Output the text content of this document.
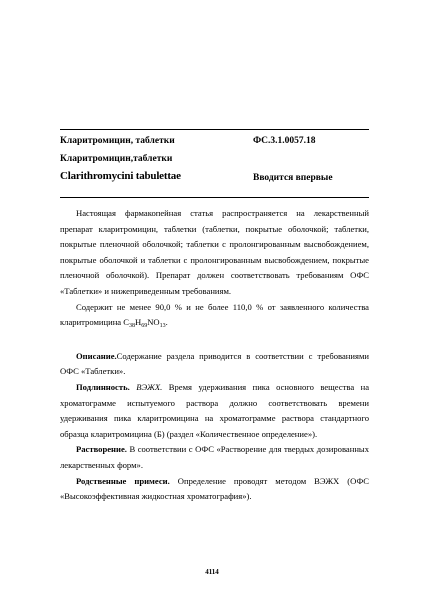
Кларитромицин, таблетки
Кларитромицин,таблетки
Clarithromycini tabulettae
ФС.3.1.0057.18
Вводится впервые

Настоящая фармакопейная статья распространяется на лекарственный препарат кларитромицин, таблетки (таблетки, покрытые оболочкой; таблетки, покрытые пленочной оболочкой; таблетки с пролонгированным высвобождением, покрытые оболочкой и таблетки с пролонгированным высвобождением, покрытые пленочной оболочкой). Препарат должен соответствовать требованиям ОФС «Таблетки» и нижеприведенным требованиям.

Содержит не менее 90,0 % и не более 110,0 % от заявленного количества кларитромицина $C_{38}H_{69}NO_{13}$.

Описание.Содержание раздела приводится в соответствии с требованиями ОФС «Таблетки».

Подлинность. ВЭЖХ. Время удерживания пика основного вещества на хроматограмме испытуемого раствора должно соответствовать времени удерживания пика кларитромицина на хроматограмме раствора стандартного образца кларитромицина (Б) (раздел «Количественное определение»).

Растворение. В соответствии с ОФС «Растворение для твердых дозированных лекарственных форм».

Родственные примеси. Определение проводят методом ВЭЖХ (ОФС «Высокоэффективная жидкостная хроматография»).

4114
